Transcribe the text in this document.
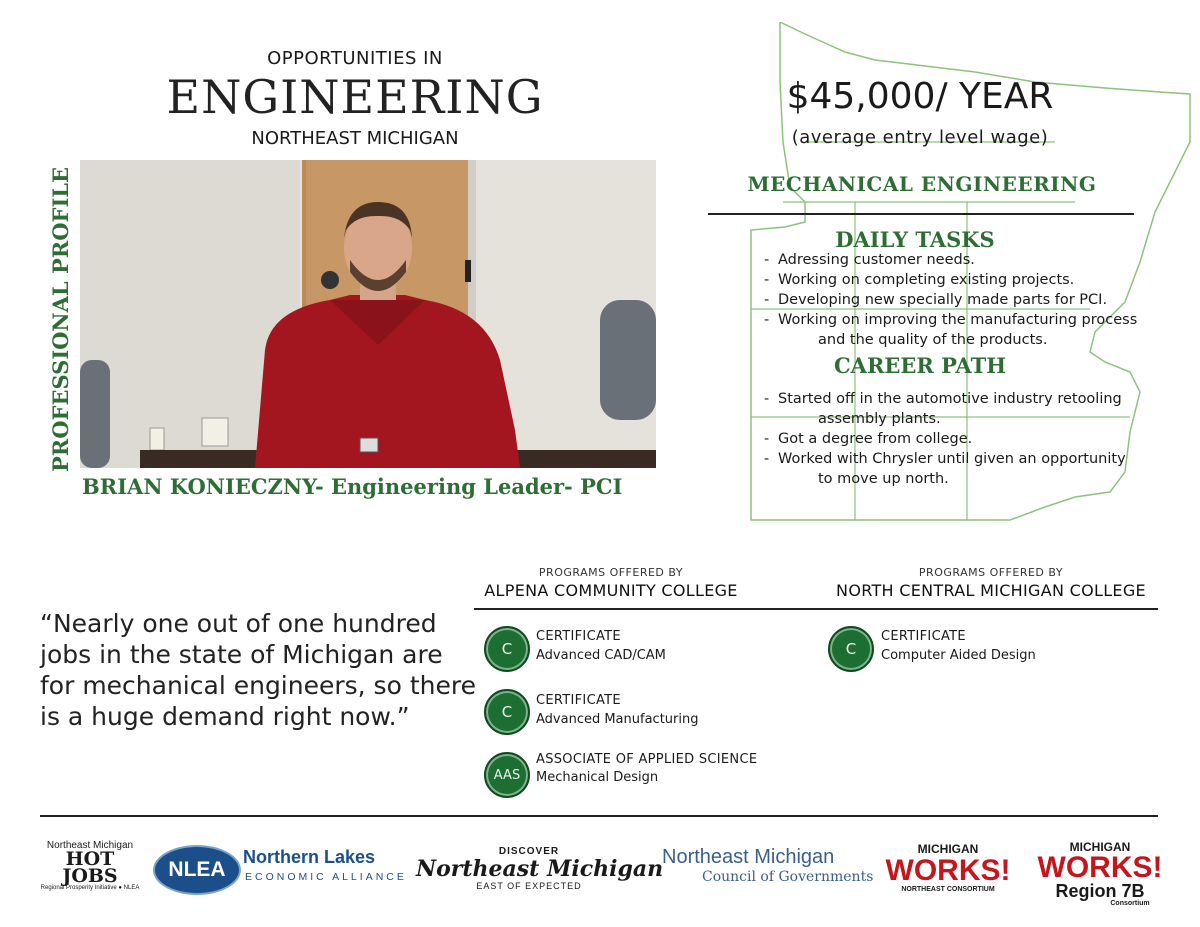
OPPORTUNITIES IN
ENGINEERING
NORTHEAST MICHIGAN
PROFESSIONAL PROFILE
BRIAN KONIECZNY- Engineering Leader- PCI
$45,000/ YEAR
(average entry level wage)
MECHANICAL ENGINEERING
DAILY TASKS
- Adressing customer needs.
- Working on completing existing projects.
- Developing new specially made parts for PCI.
- Working on improving the manufacturing process
and the quality of the products.
CAREER PATH
- Started off in the automotive industry retooling
assembly plants.
- Got a degree from college.
- Worked with Chrysler until given an opportunity
to move up north.
“Nearly one out of one hundred jobs in the state of Michigan are for mechanical engineers, so there is a huge demand right now.”
PROGRAMS OFFERED BY
ALPENA COMMUNITY COLLEGE
PROGRAMS OFFERED BY
NORTH CENTRAL MICHIGAN COLLEGE
C
CERTIFICATE
Advanced CAD/CAM
C
CERTIFICATE
Advanced Manufacturing
AAS
ASSOCIATE OF APPLIED SCIENCE
Mechanical Design
C
CERTIFICATE
Computer Aided Design
Northeast Michigan
HOT
JOBS
Regional Prosperity Initiative ● NLEA
NLEA
Northern Lakes
ECONOMIC ALLIANCE
DISCOVER
Northeast Michigan
EAST OF EXPECTED
Northeast Michigan
Council of Governments
MICHIGAN
WORKS!
NORTHEAST CONSORTIUM
MICHIGAN
WORKS!
Region 7B
Consortium
